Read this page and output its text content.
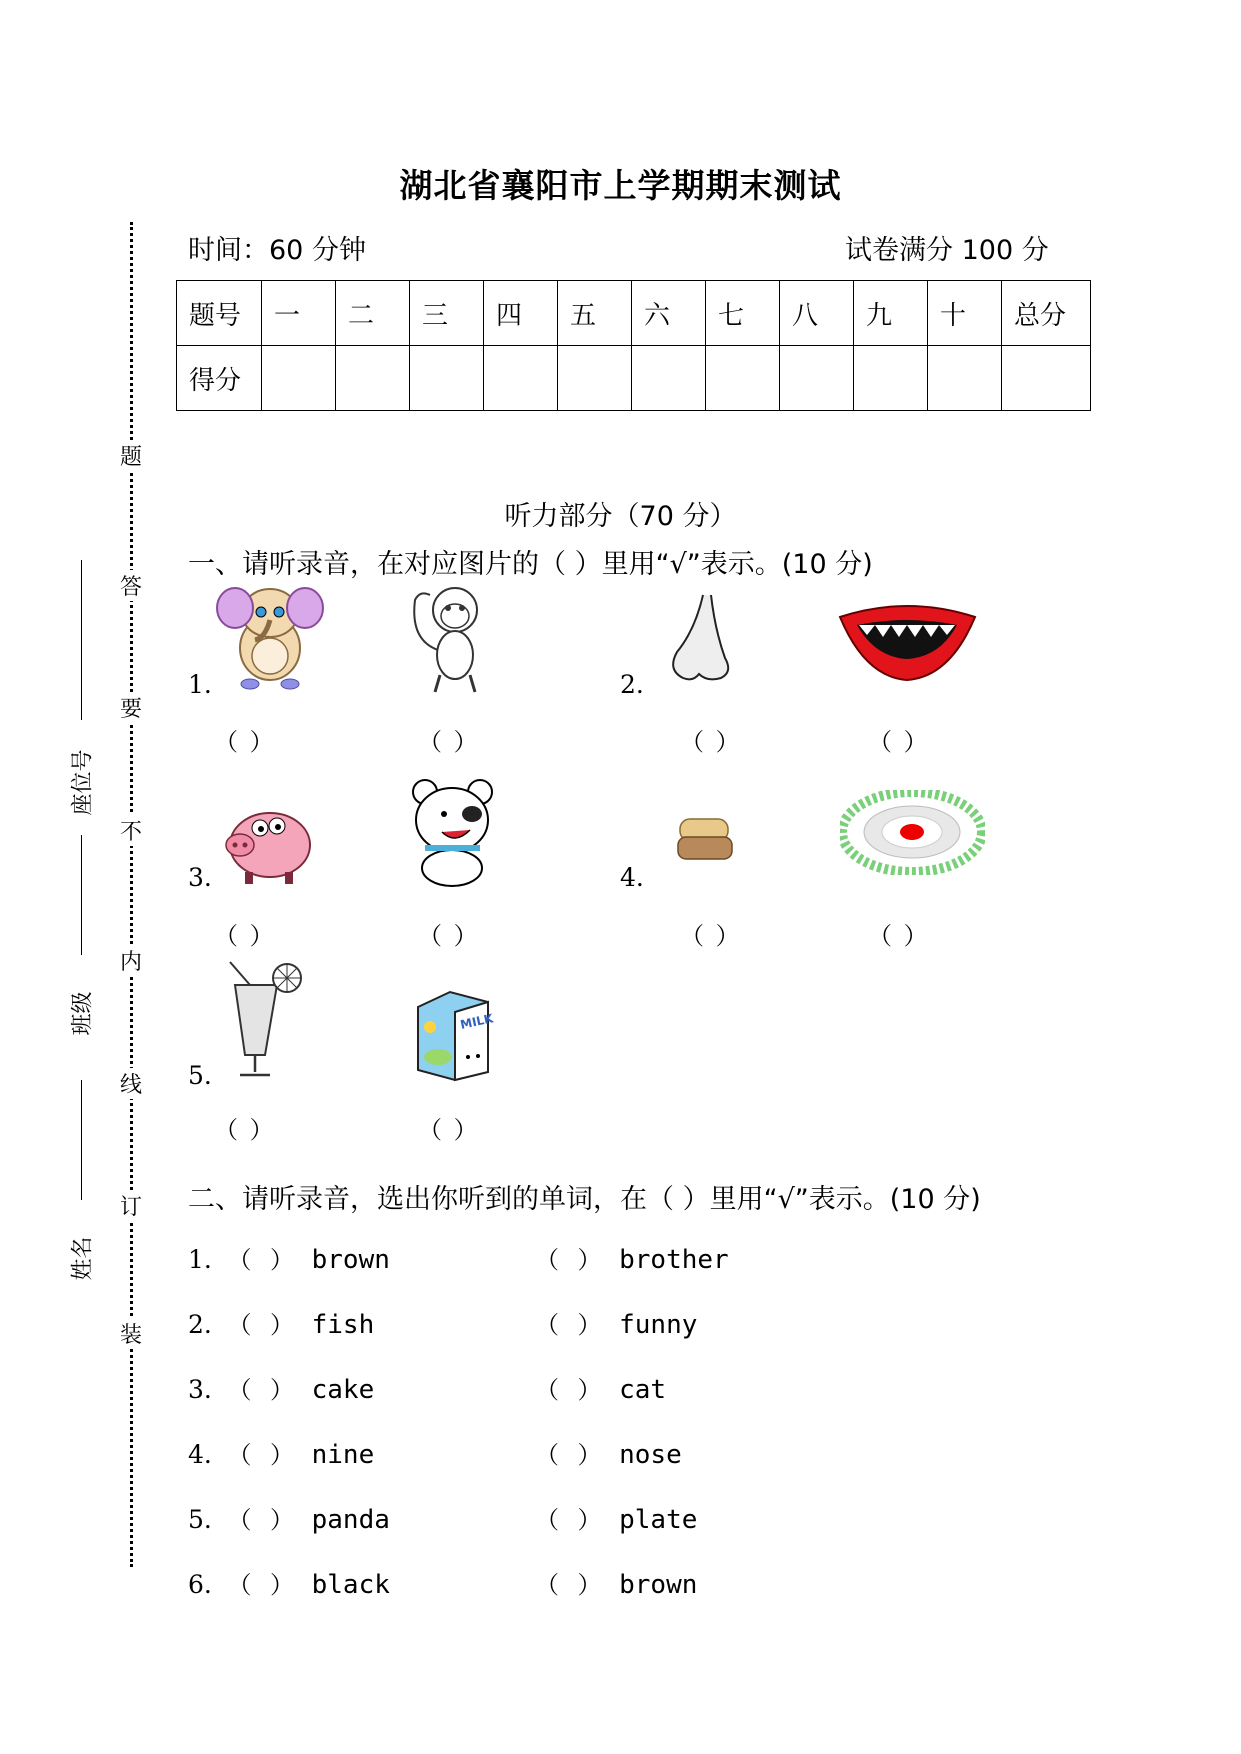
题
答
要
不
内
线
订
装
座位号
班级
姓名
湖北省襄阳市上学期期末测试
时间：60 分钟	试卷满分 100 分
题号	一	二	三	四	五	六	七	八	九	十	总分
得分											
听力部分（70 分）
一、请听录音，在对应图片的（ ）里用“√”表示。(10 分)
1.
（ ）	（ ）
2.
（ ）	（ ）
3.
（ ）	（ ）
4.
（ ）	（ ）
5.
MILK
（ ）	（ ）
二、请听录音，选出你听到的单词，在（ ）里用“√”表示。(10 分)
1. （ ） brown	（ ） brother
2. （ ） fish	（ ） funny
3. （ ） cake	（ ） cat
4. （ ） nine	（ ） nose
5. （ ） panda	（ ） plate
6. （ ） black	（ ） brown
